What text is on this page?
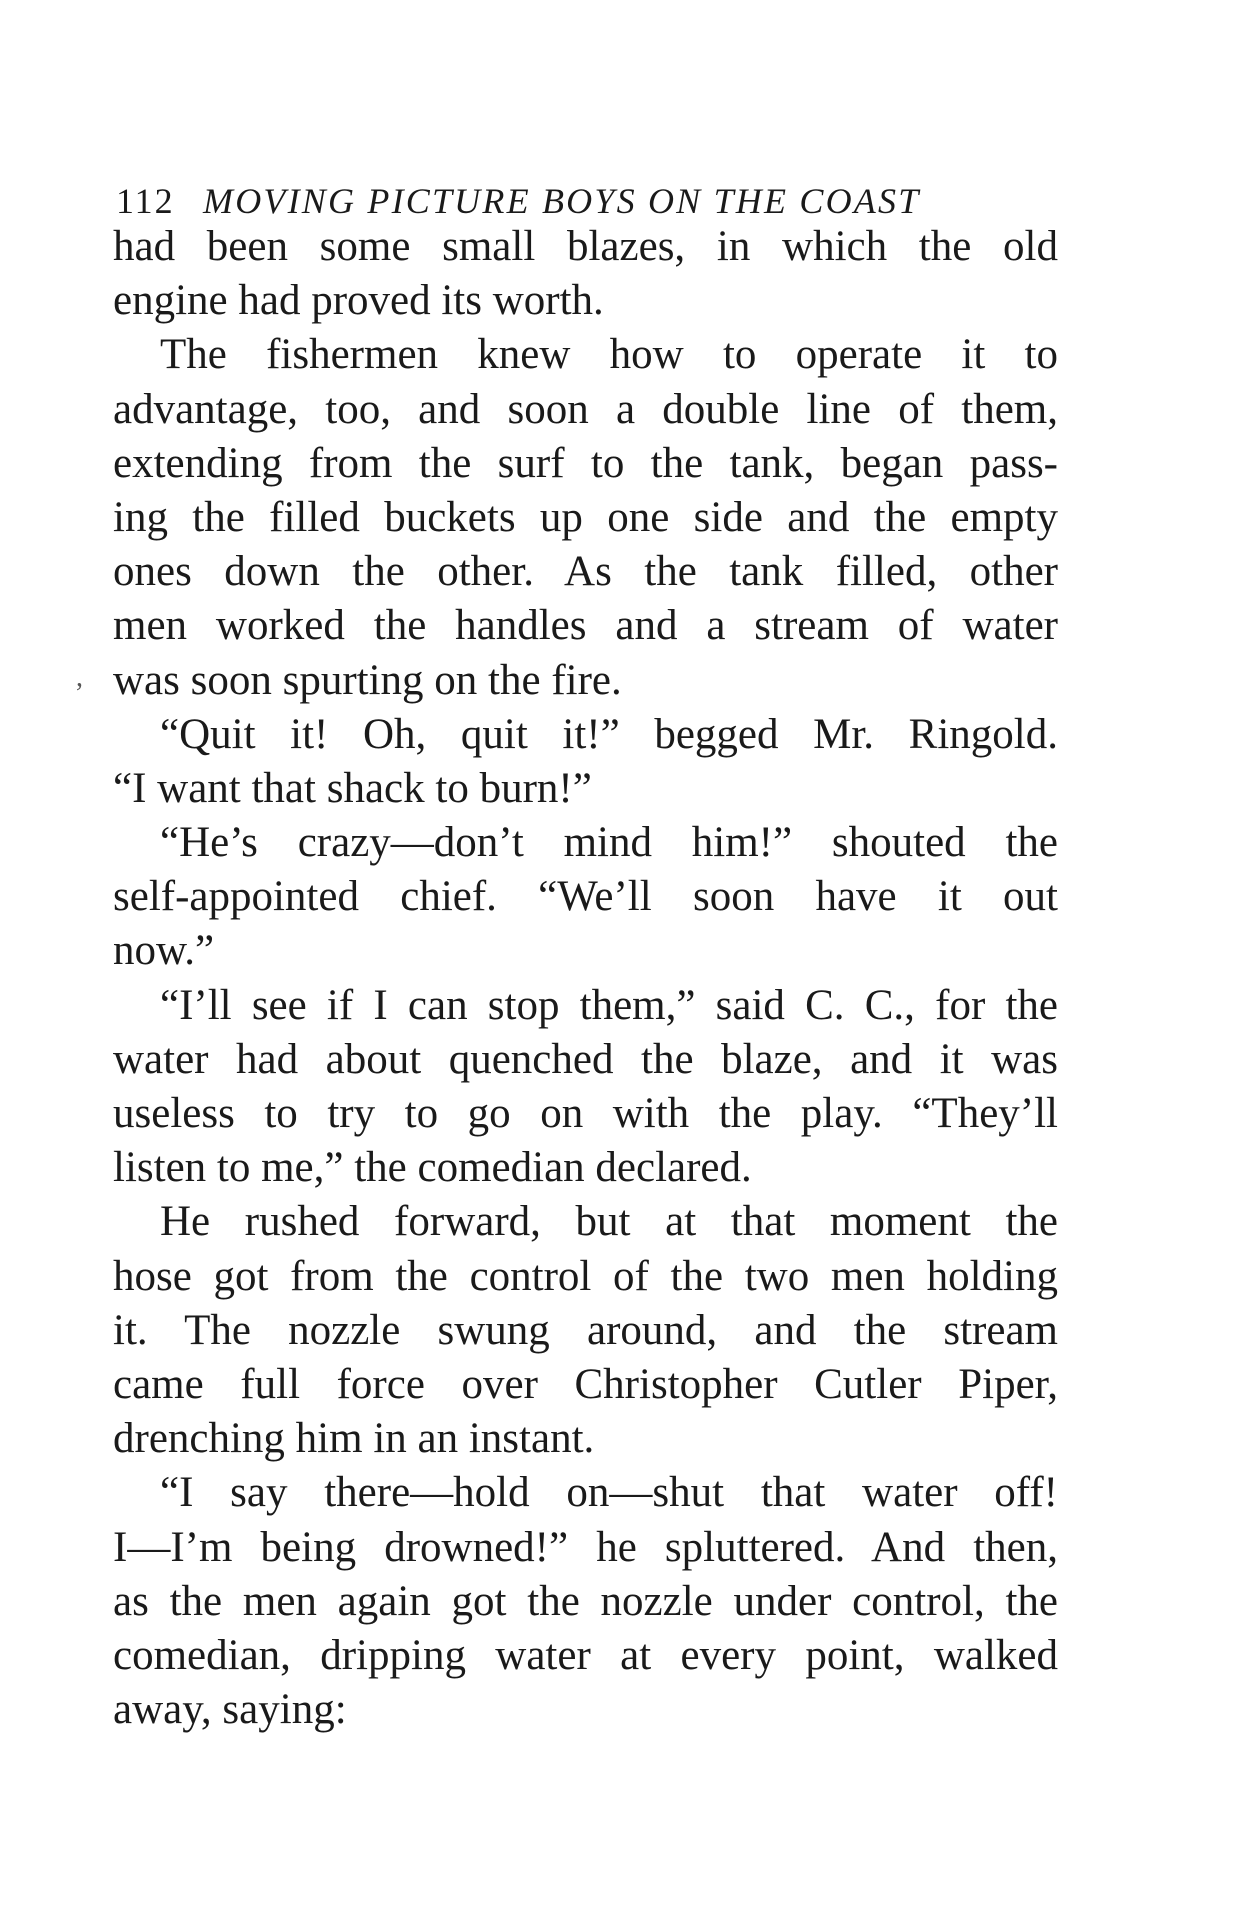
112 MOVING PICTURE BOYS ON THE COAST
,
had been some small blazes, in which the old
engine had proved its worth.
The fishermen knew how to operate it to
advantage, too, and soon a double line of them,
extending from the surf to the tank, began pass-
ing the filled buckets up one side and the empty
ones down the other. As the tank filled, other
men worked the handles and a stream of water
was soon spurting on the fire.
“Quit it! Oh, quit it!” begged Mr. Ringold.
“I want that shack to burn!”
“He’s crazy—don’t mind him!” shouted the
self-appointed chief. “We’ll soon have it out
now.”
“I’ll see if I can stop them,” said C. C., for the
water had about quenched the blaze, and it was
useless to try to go on with the play. “They’ll
listen to me,” the comedian declared.
He rushed forward, but at that moment the
hose got from the control of the two men holding
it. The nozzle swung around, and the stream
came full force over Christopher Cutler Piper,
drenching him in an instant.
“I say there—hold on—shut that water off!
I—I’m being drowned!” he spluttered. And then,
as the men again got the nozzle under control, the
comedian, dripping water at every point, walked
away, saying:
